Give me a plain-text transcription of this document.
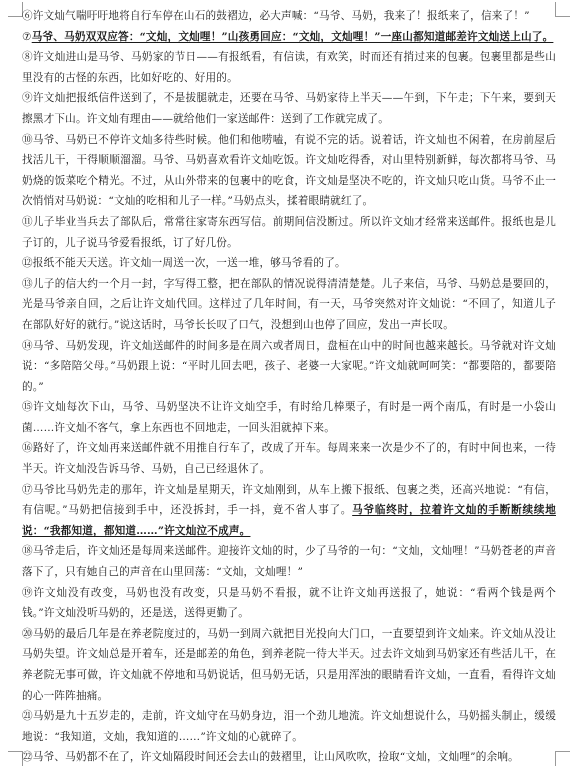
⑥许文灿气喘吁吁地将自行车停在山石的鼓褶边，必大声喊：“马爷、马奶，我来了！报纸来了，信来了！”

⑦马爷、马奶双双应答：“文灿，文灿哩！”山孩勇回应：“文灿，文灿哩！”一座山都知道邮差许文灿送上山了。

⑧许文灿进山是马爷、马奶家的节日——有报纸看，有信读，有欢笑，时而还有捎过来的包裹。包裹里都是些山里没有的古怪的东西，比如好吃的、好用的。

⑨许文灿把报纸信件送到了，不是拔腿就走，还要在马爷、马奶家待上半天——午到，下午走；下午来，要到天擦黑才下山。许文灿有理由——就给他们一家送邮件：送到了工作就完成了。

⑩马爷、马奶已不停许文灿多待些时候。他们和他唠嗑，有说不完的话。说着话，许文灿也不闲着，在房前屋后找活儿干，干得顺顺溜溜。马爷、马奶喜欢看许文灿吃饭。许文灿吃得香，对山里特别新鲜，每次都将马爷、马奶烧的饭菜吃个精光。不过，从山外带来的包裹中的吃食，许文灿是坚决不吃的，许文灿只吃山货。马爷不止一次悄悄对马奶说：“文灿的吃相和儿子一样。”马奶点头，揉着眼睛就红了。

⑪儿子毕业当兵去了部队后，常常往家寄东西写信。前期间信没断过。所以许文灿才经常来送邮件。报纸也是儿子订的，儿子说马爷爱看报纸，订了好几份。

⑫报纸不能天天送。许文灿一周送一次，一送一堆，够马爷看的了。

⑬儿子的信大约一个月一封，字写得工整，把在部队的情况说得清清楚楚。儿子来信，马爷、马奶总是要回的，光是马爷亲自回，之后让许文灿代回。这样过了几年时间，有一天，马爷突然对许文灿说：“不回了，知道儿子在部队好好的就行。”说这话时，马爷长长叹了口气，没想到山也停了回应，发出一声长叹。

⑭马爷、马奶发现，许文灿送邮件的时间多是在周六或者周日，盘桓在山中的时间也越来越长。马爷就对许文灿说：“多陪陪父母。”马奶跟上说：“平时儿回去吧，孩子、老婆一大家呢。”许文灿就呵呵笑：“都要陪的，都要陪的。”

⑮许文灿每次下山，马爷、马奶坚决不让许文灿空手，有时给几棒栗子，有时是一两个南瓜，有时是一小袋山菌……许文灿不客气，拿上东西也不回地走，一回头泪就掉下来。

⑯路好了，许文灿再来送邮件就不用推自行车了，改成了开车。每周来来一次是少不了的，有时中间也来，一待半天。许文灿没告诉马爷、马奶，自己已经退休了。

⑰马爷比马奶先走的那年，许文灿是星期天，许文灿刚到，从车上搬下报纸、包裹之类，还高兴地说：“有信，有信呢。”马奶把信接到手中，还没拆封，手一抖，竟不省人事了。马爷临终时，拉着许文灿的手断断续续地说：“我都知道，都知道……”许文灿泣不成声。

⑱马爷走后，许文灿还是每周来送邮件。迎接许文灿的时，少了马爷的一句：“文灿，文灿哩！”马奶苍老的声音落下了，只有她自己的声音在山里回荡：“文灿，文灿哩！”

⑲许文灿没有改变，马奶也没有改变，只是马奶不看报，就不让许文灿再送报了，她说：“看两个钱是两个钱。”许文灿没听马奶的，还是送，送得更勤了。

⑳马奶的最后几年是在养老院度过的，马奶一到周六就把目光投向大门口，一直要望到许文灿来。许文灿从没让马奶失望。许文灿总是开着车，还是邮差的角色，到养老院一待大半天。过去许文灿到马奶家还有些活儿干，在养老院无事可做，许文灿就不停地和马奶说话，但马奶无话，只是用浑浊的眼睛看许文灿，一直看，看得许文灿的心一阵阵抽痛。

㉑马奶是九十五岁走的，走前，许文灿守在马奶身边，泪一个劲儿地流。许文灿想说什么，马奶摇头制止，缓缓地说：“我知道，文灿，我知道的……”许文灿的心就碎了。

㉒马爷、马奶都不在了，许文灿隔段时间还会去山的鼓褶里，让山风吹吹，捡取“文灿，文灿哩”的余响。
